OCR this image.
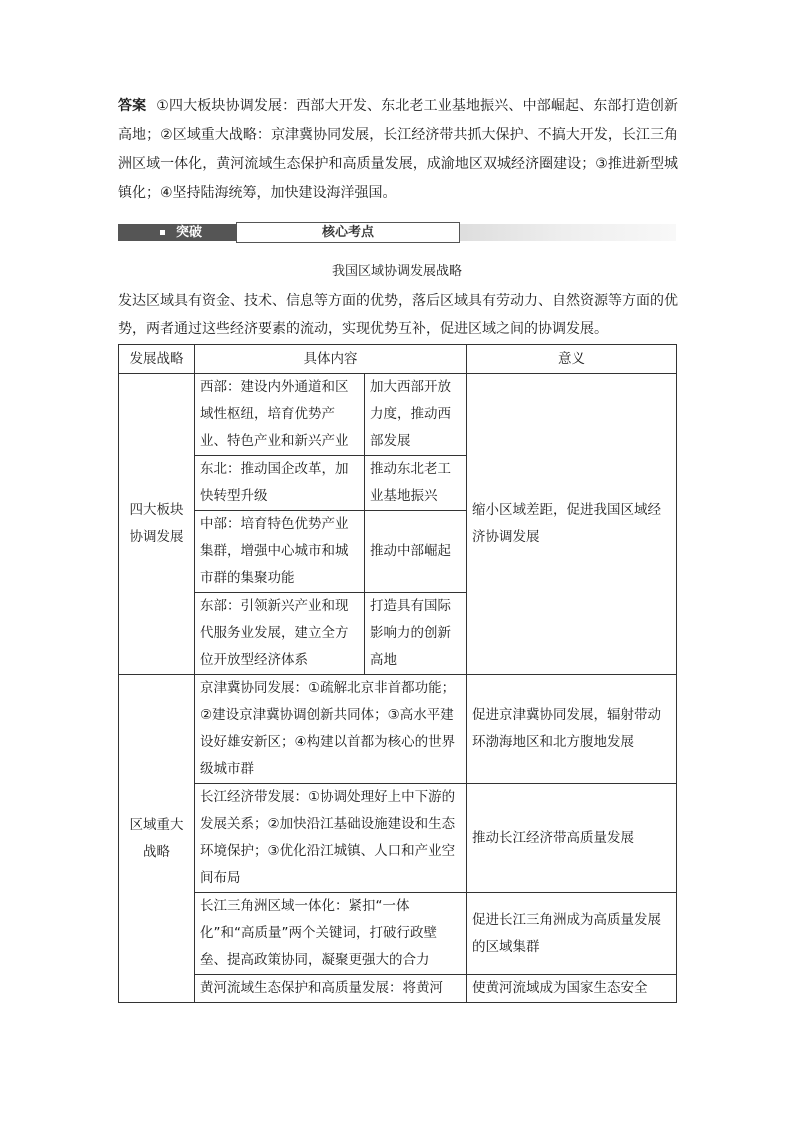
答案 ①四大板块协调发展：西部大开发、东北老工业基地振兴、中部崛起、东部打造创新高地；②区域重大战略：京津冀协同发展，长江经济带共抓大保护、不搞大开发，长江三角洲区域一体化，黄河流域生态保护和高质量发展，成渝地区双城经济圈建设；③推进新型城镇化；④坚持陆海统筹，加快建设海洋强国。
突破	核心考点
我国区域协调发展战略
发达区域具有资金、技术、信息等方面的优势，落后区域具有劳动力、自然资源等方面的优势，两者通过这些经济要素的流动，实现优势互补，促进区域之间的协调发展。
发展战略	具体内容		意义
四大板块协调发展	西部：建设内外通道和区域性枢纽，培育优势产业、特色产业和新兴产业	加大西部开放力度，推动西部发展	缩小区域差距，促进我国区域经济协调发展
	东北：推动国企改革，加快转型升级	推动东北老工业基地振兴	
	中部：培育特色优势产业集群，增强中心城市和城市群的集聚功能	推动中部崛起	
	东部：引领新兴产业和现代服务业发展，建立全方位开放型经济体系	打造具有国际影响力的创新高地	
区域重大战略	京津冀协同发展：①疏解北京非首都功能；②建设京津冀协调创新共同体；③高水平建设好雄安新区；④构建以首都为核心的世界级城市群		促进京津冀协同发展，辐射带动环渤海地区和北方腹地发展
	长江经济带发展：①协调处理好上中下游的发展关系；②加快沿江基础设施建设和生态环境保护；③优化沿江城镇、人口和产业空间布局		推动长江经济带高质量发展
	长江三角洲区域一体化：紧扣“一体化”和“高质量”两个关键词，打破行政壁垒、提高政策协同，凝聚更强大的合力		促进长江三角洲成为高质量发展的区域集群
	黄河流域生态保护和高质量发展：将黄河		使黄河流域成为国家生态安全
